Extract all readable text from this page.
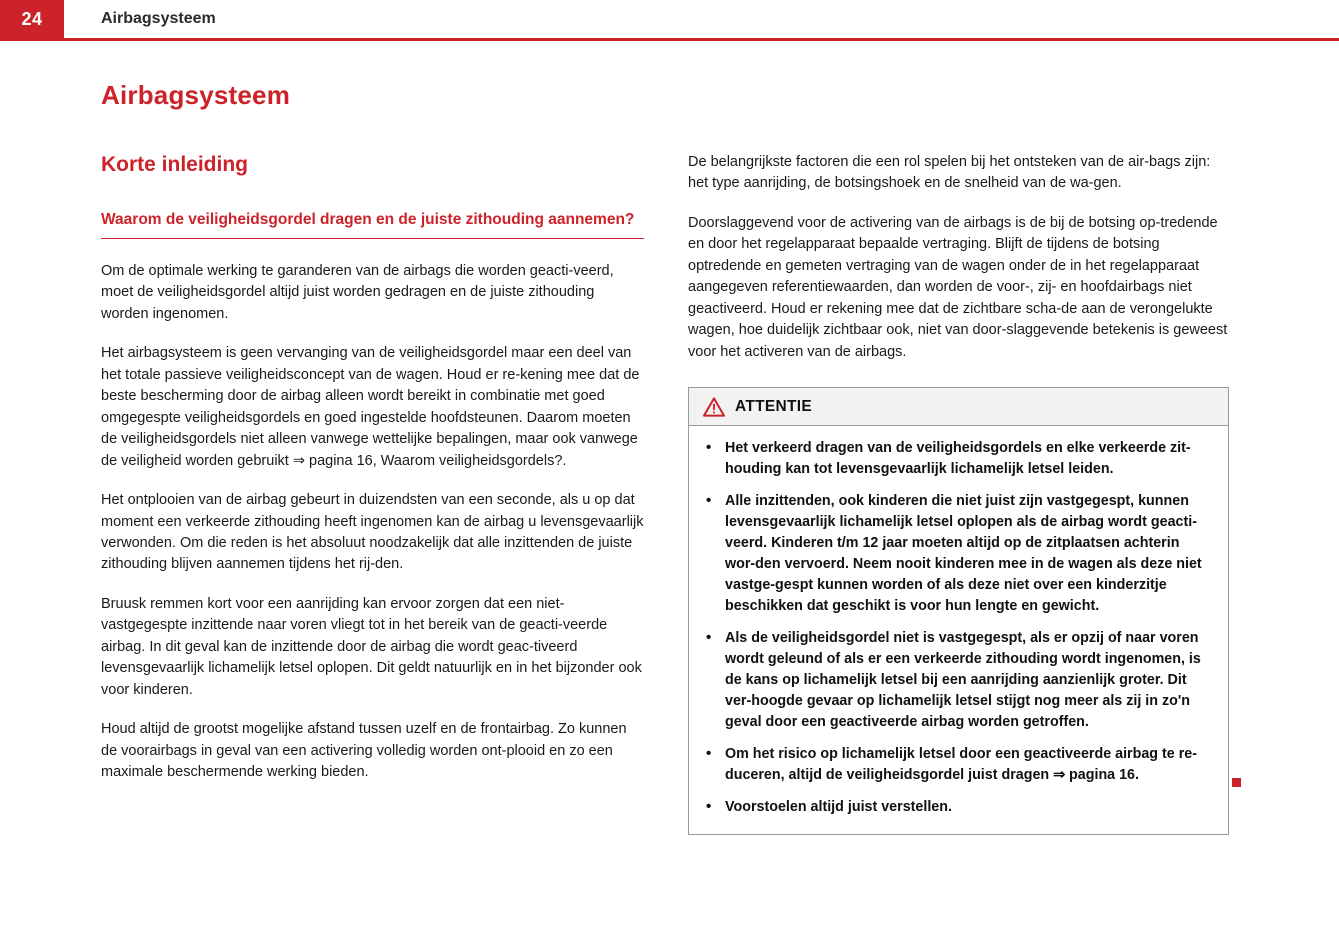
24	Airbagsysteem
Airbagsysteem
Korte inleiding
Waarom de veiligheidsgordel dragen en de juiste zithouding aannemen?

Om de optimale werking te garanderen van de airbags die worden geacti-veerd, moet de veiligheidsgordel altijd juist worden gedragen en de juiste zithouding worden ingenomen.

Het airbagsysteem is geen vervanging van de veiligheidsgordel maar een deel van het totale passieve veiligheidsconcept van de wagen. Houd er re-kening mee dat de beste bescherming door de airbag alleen wordt bereikt in combinatie met goed omgegespte veiligheidsgordels en goed ingestelde hoofdsteunen. Daarom moeten de veiligheidsgordels niet alleen vanwege wettelijke bepalingen, maar ook vanwege de veiligheid worden gebruikt ⇒ pagina 16, Waarom veiligheidsgordels?.

Het ontplooien van de airbag gebeurt in duizendsten van een seconde, als u op dat moment een verkeerde zithouding heeft ingenomen kan de airbag u levensgevaarlijk verwonden. Om die reden is het absoluut noodzakelijk dat alle inzittenden de juiste zithouding blijven aannemen tijdens het rij-den.

Bruusk remmen kort voor een aanrijding kan ervoor zorgen dat een niet-vastgegespte inzittende naar voren vliegt tot in het bereik van de geacti-veerde airbag. In dit geval kan de inzittende door de airbag die wordt geac-tiveerd levensgevaarlijk lichamelijk letsel oplopen. Dit geldt natuurlijk en in het bijzonder ook voor kinderen.

Houd altijd de grootst mogelijke afstand tussen uzelf en de frontairbag. Zo kunnen de voorairbags in geval van een activering volledig worden ont-plooid en zo een maximale beschermende werking bieden.

De belangrijkste factoren die een rol spelen bij het ontsteken van de air-bags zijn: het type aanrijding, de botsingshoek en de snelheid van de wa-gen.

Doorslaggevend voor de activering van de airbags is de bij de botsing op-tredende en door het regelapparaat bepaalde vertraging. Blijft de tijdens de botsing optredende en gemeten vertraging van de wagen onder de in het regelapparaat aangegeven referentiewaarden, dan worden de voor-, zij- en hoofdairbags niet geactiveerd. Houd er rekening mee dat de zichtbare scha-de aan de verongelukte wagen, hoe duidelijk zichtbaar ook, niet van door-slaggevende betekenis is geweest voor het activeren van de airbags.

ATTENTIE
• Het verkeerd dragen van de veiligheidsgordels en elke verkeerde zit-houding kan tot levensgevaarlijk lichamelijk letsel leiden.
• Alle inzittenden, ook kinderen die niet juist zijn vastgegespt, kunnen levensgevaarlijk lichamelijk letsel oplopen als de airbag wordt geacti-veerd. Kinderen t/m 12 jaar moeten altijd op de zitplaatsen achterin wor-den vervoerd. Neem nooit kinderen mee in de wagen als deze niet vastge-gespt kunnen worden of als deze niet over een kinderzitje beschikken dat geschikt is voor hun lengte en gewicht.
• Als de veiligheidsgordel niet is vastgegespt, als er opzij of naar voren wordt geleund of als er een verkeerde zithouding wordt ingenomen, is de kans op lichamelijk letsel bij een aanrijding aanzienlijk groter. Dit ver-hoogde gevaar op lichamelijk letsel stijgt nog meer als zij in zo'n geval door een geactiveerde airbag worden getroffen.
• Om het risico op lichamelijk letsel door een geactiveerde airbag te re-duceren, altijd de veiligheidsgordel juist dragen ⇒ pagina 16.
• Voorstoelen altijd juist verstellen.
